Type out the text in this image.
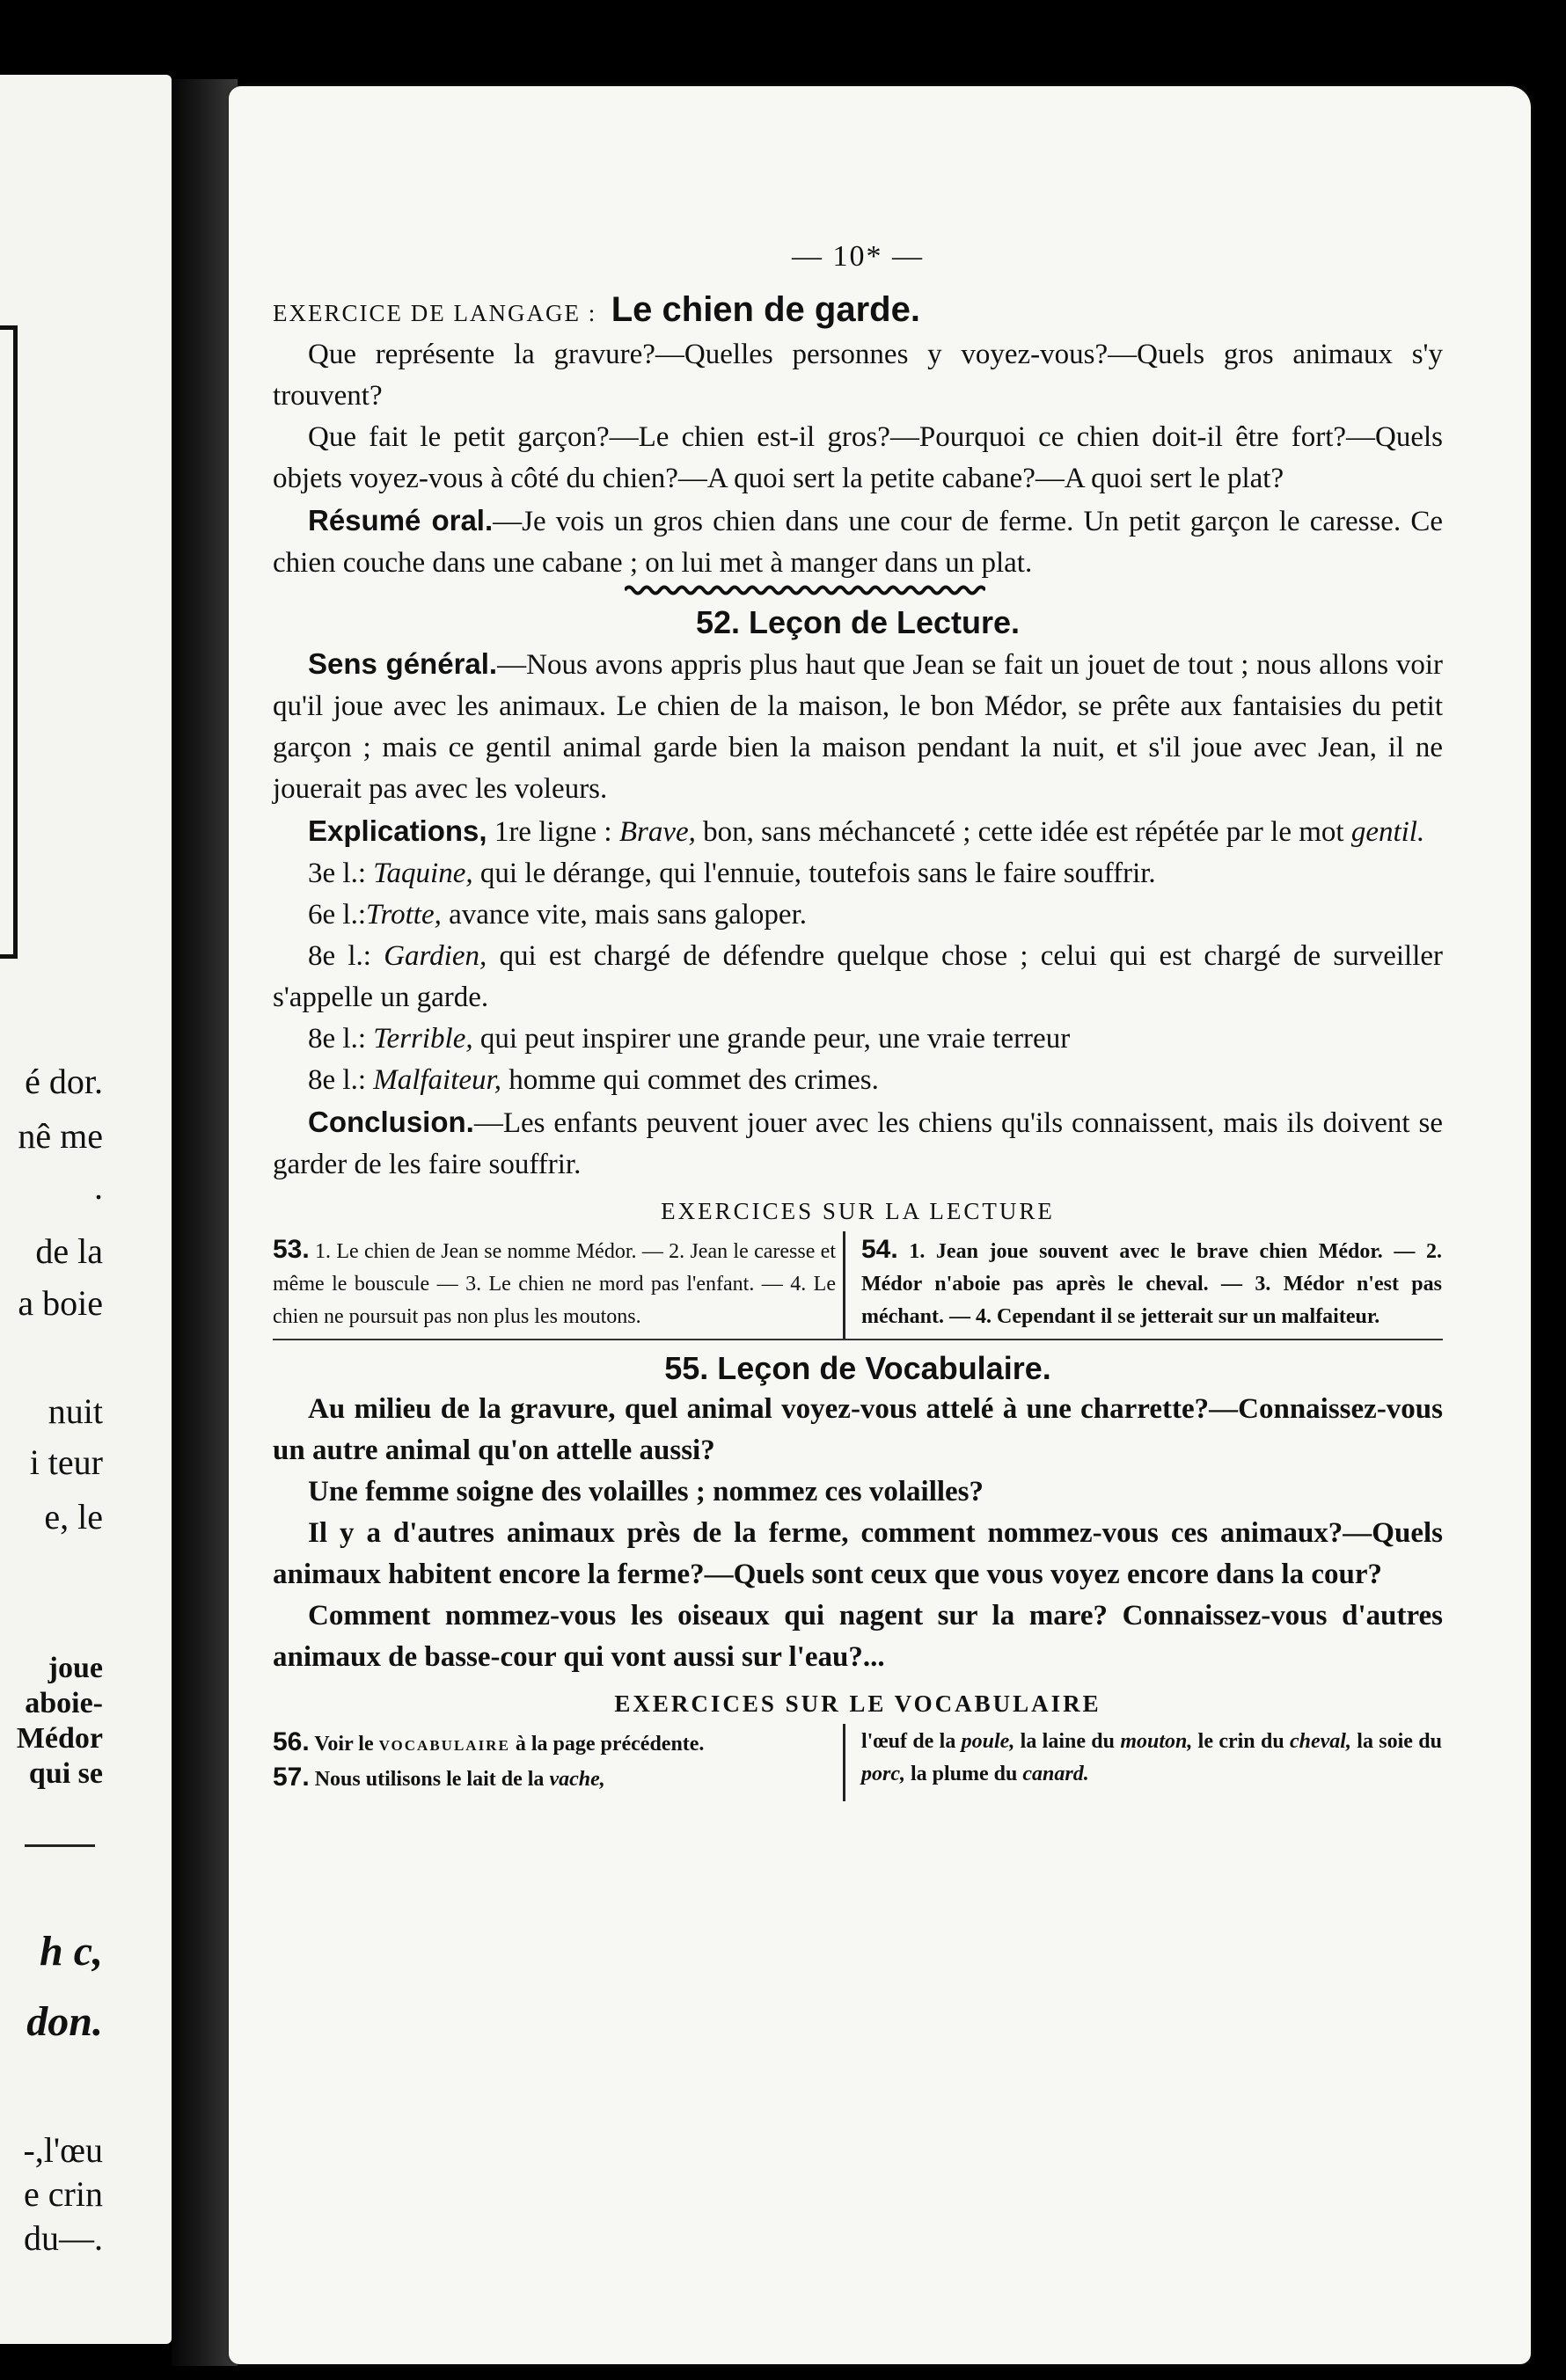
é dor.
nê me
.
de la
a boie
nuit
i teur
e, le
joue
aboie-
Médor
qui se
h c,
don.
-,l'œu
e crin
du—.
— 10* —

EXERCICE DE LANGAGE : Le chien de garde.

Que représente la gravure?—Quelles personnes y voyez-vous?—Quels gros animaux s'y trouvent?

Que fait le petit garçon?—Le chien est-il gros?—Pourquoi ce chien doit-il être fort?—Quels objets voyez-vous à côté du chien?—A quoi sert la petite cabane?—A quoi sert le plat?

Résumé oral.—Je vois un gros chien dans une cour de ferme. Un petit garçon le caresse. Ce chien couche dans une cabane ; on lui met à manger dans un plat.

52. Leçon de Lecture.

Sens général.—Nous avons appris plus haut que Jean se fait un jouet de tout ; nous allons voir qu'il joue avec les animaux. Le chien de la maison, le bon Médor, se prête aux fantaisies du petit garçon ; mais ce gentil animal garde bien la maison pendant la nuit, et s'il joue avec Jean, il ne jouerait pas avec les voleurs.

Explications, 1re ligne : Brave, bon, sans méchanceté ; cette idée est répétée par le mot gentil.

3e l.: Taquine, qui le dérange, qui l'ennuie, toutefois sans le faire souffrir.

6e l.:Trotte, avance vite, mais sans galoper.

8e l.: Gardien, qui est chargé de défendre quelque chose ; celui qui est chargé de surveiller s'appelle un garde.

8e l.: Terrible, qui peut inspirer une grande peur, une vraie terreur

8e l.: Malfaiteur, homme qui commet des crimes.

Conclusion.—Les enfants peuvent jouer avec les chiens qu'ils connaissent, mais ils doivent se garder de les faire souffrir.

EXERCICES SUR LA LECTURE

53. 1. Le chien de Jean se nomme Médor. — 2. Jean le caresse et même le bouscule — 3. Le chien ne mord pas l'enfant. — 4. Le chien ne poursuit pas non plus les moutons.
54. 1. Jean joue souvent avec le brave chien Médor. — 2. Médor n'aboie pas après le cheval. — 3. Médor n'est pas méchant. — 4. Cependant il se jetterait sur un malfaiteur.

55. Leçon de Vocabulaire.

Au milieu de la gravure, quel animal voyez-vous attelé à une charrette?—Connaissez-vous un autre animal qu'on attelle aussi?

Une femme soigne des volailles ; nommez ces volailles?

Il y a d'autres animaux près de la ferme, comment nommez-vous ces animaux?—Quels animaux habitent encore la ferme?—Quels sont ceux que vous voyez encore dans la cour?

Comment nommez-vous les oiseaux qui nagent sur la mare? Connaissez-vous d'autres animaux de basse-cour qui vont aussi sur l'eau?...

EXERCICES SUR LE VOCABULAIRE

56. Voir le vocabulaire à la page précédente.
57. Nous utilisons le lait de la vache,
l'œuf de la poule, la laine du mouton, le crin du cheval, la soie du porc, la plume du canard.
